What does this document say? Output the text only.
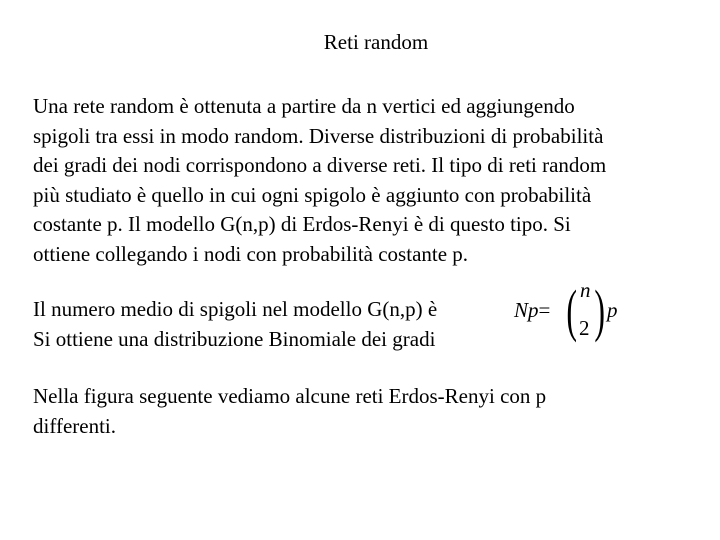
Reti random

Una rete random è ottenuta a partire da n vertici ed aggiungendo
spigoli tra essi in modo random. Diverse distribuzioni di probabilità
dei gradi dei nodi corrispondono a diverse reti. Il tipo di reti random
più studiato è quello in cui ogni spigolo è aggiunto con probabilità
costante p. Il modello G(n,p) di Erdos-Renyi è di questo tipo. Si
ottiene collegando i nodi con probabilità costante p.

Il numero medio di spigoli nel modello G(n,p) è
Si ottiene una distribuzione Binomiale dei gradi

Np= ( n
2 ) p

Nella figura seguente vediamo alcune reti Erdos-Renyi con p
differenti.
